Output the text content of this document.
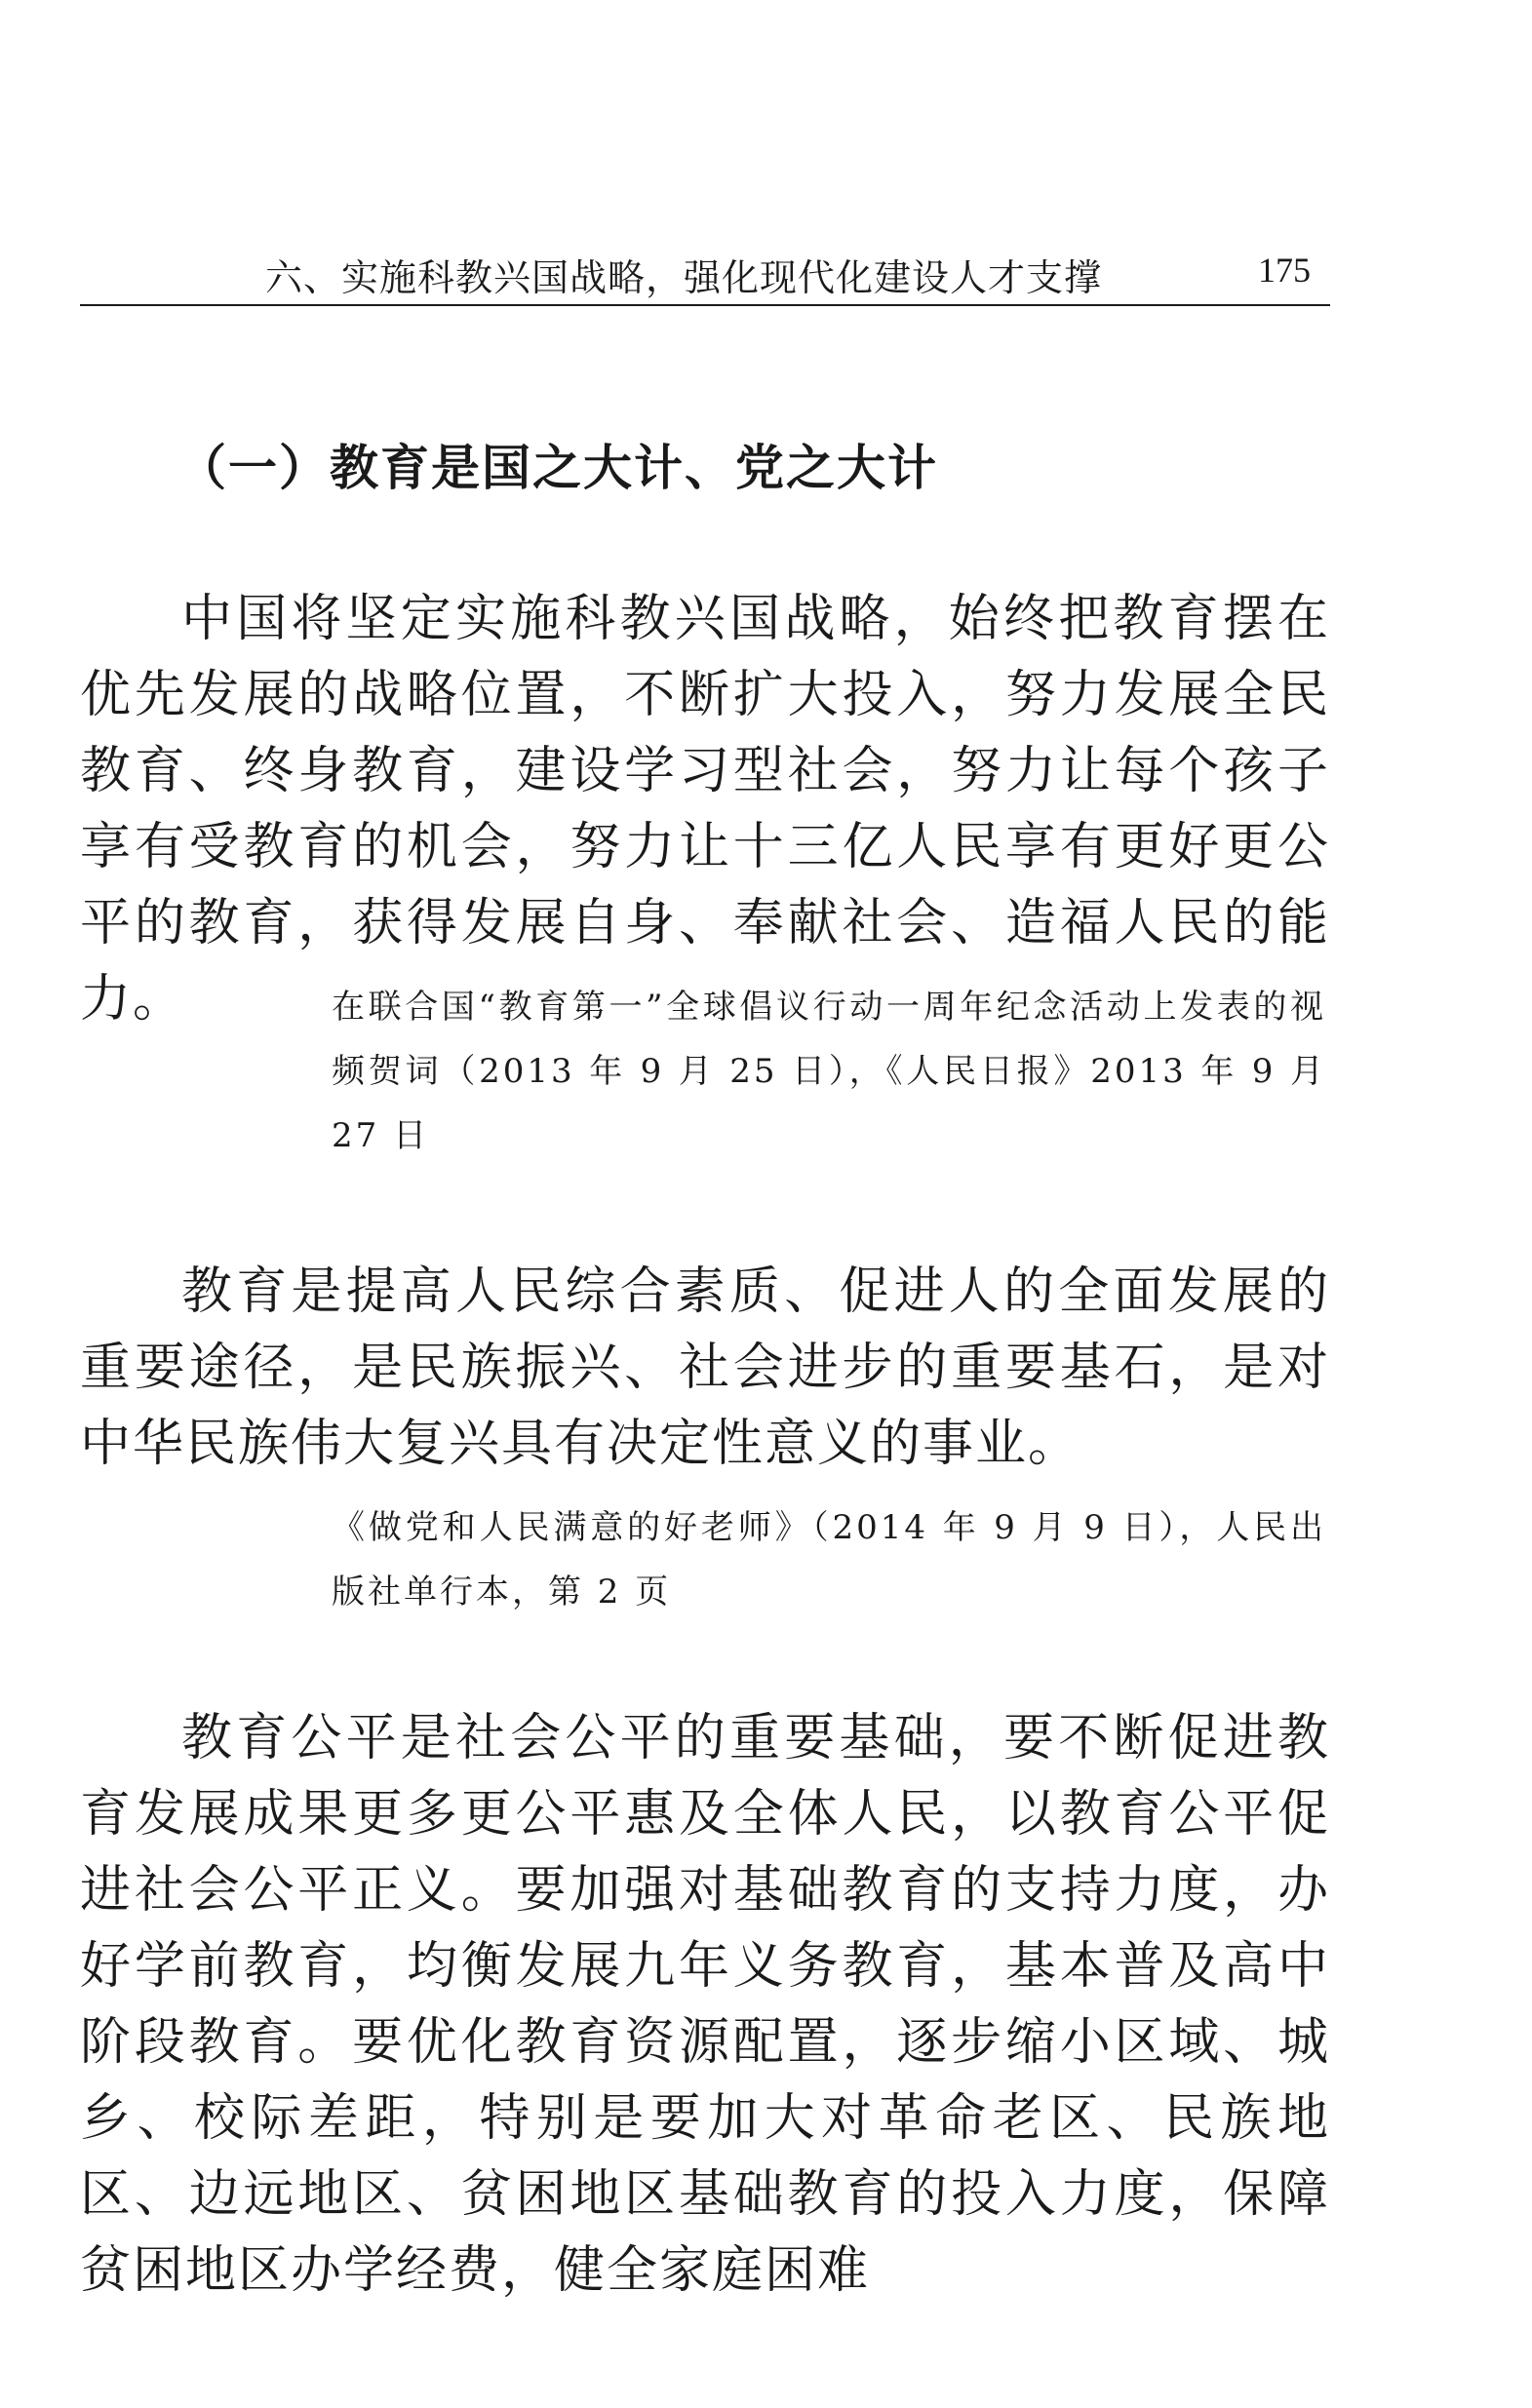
六、实施科教兴国战略，强化现代化建设人才支撑	175
（一）教育是国之大计、党之大计

中国将坚定实施科教兴国战略，始终把教育摆在优先发展的战略位置，不断扩大投入，努力发展全民教育、终身教育，建设学习型社会，努力让每个孩子享有受教育的机会，努力让十三亿人民享有更好更公平的教育，获得发展自身、奉献社会、造福人民的能力。	在联合国“教育第一”全球倡议行动一周年纪念活动上发表的视频贺词（2013 年 9 月 25 日），《人民日报》2013 年 9 月 27 日

教育是提高人民综合素质、促进人的全面发展的重要途径，是民族振兴、社会进步的重要基石，是对中华民族伟大复兴具有决定性意义的事业。

《做党和人民满意的好老师》（2014 年 9 月 9 日），人民出版社单行本，第 2 页

教育公平是社会公平的重要基础，要不断促进教育发展成果更多更公平惠及全体人民，以教育公平促进社会公平正义。要加强对基础教育的支持力度，办好学前教育，均衡发展九年义务教育，基本普及高中阶段教育。要优化教育资源配置，逐步缩小区域、城乡、校际差距，特别是要加大对革命老区、民族地区、边远地区、贫困地区基础教育的投入力度，保障贫困地区办学经费，健全家庭困难
